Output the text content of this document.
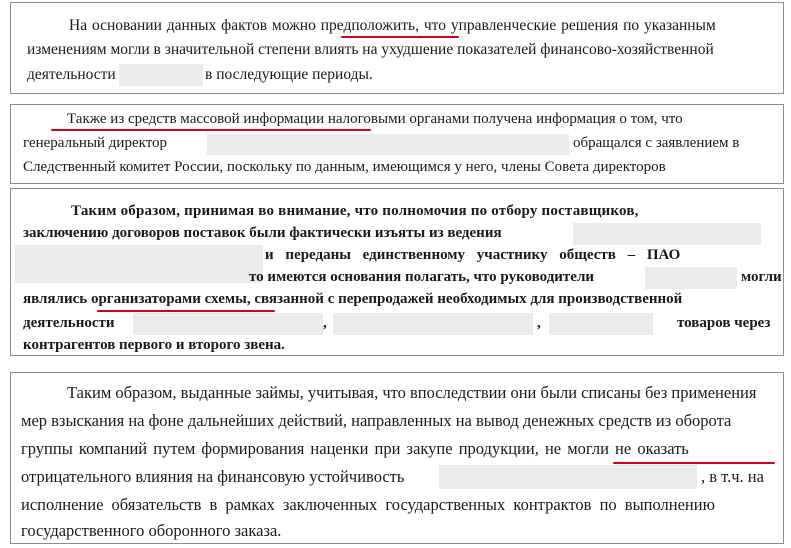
На основании данных фактов можно предположить, что управленческие решения по указанным
изменениям могли в значительной степени влиять на ухудшение показателей финансово-хозяйственной
деятельности	в последующие периоды.
Также из средств массовой информации налоговыми органами получена информация о том, что
генеральный директор	обращался с заявлением в
Следственный комитет России, поскольку по данным, имеющимся у него, члены Совета директоров
Таким образом, принимая во внимание, что полномочия по отбору поставщиков,
заключению договоров поставок были фактически изъяты из ведения
и переданы единственному участнику обществ – ПАО
то имеются основания полагать, что руководители	могли
являлись организаторами схемы, связанной с перепродажей необходимых для производственной
деятельности	,	,	товаров через
контрагентов первого и второго звена.
Таким образом, выданные займы, учитывая, что впоследствии они были списаны без применения
мер взыскания на фоне дальнейших действий, направленных на вывод денежных средств из оборота
группы компаний путем формирования наценки при закупе продукции, не могли не оказать
отрицательного влияния на финансовую устойчивость	, в т.ч. на
исполнение обязательств в рамках заключенных государственных контрактов по выполнению
государственного оборонного заказа.
